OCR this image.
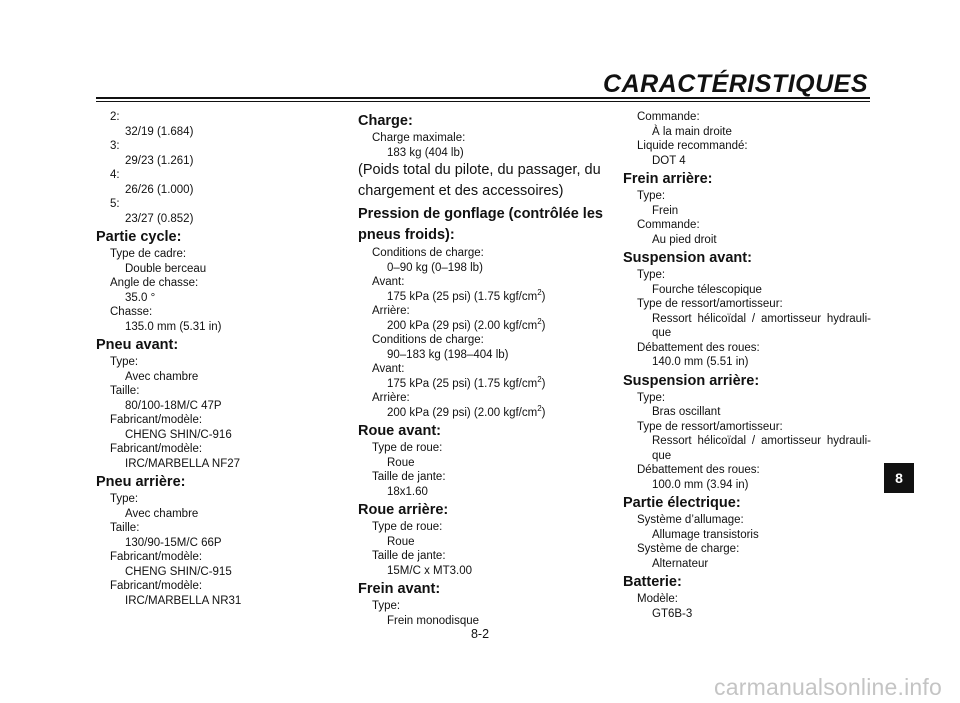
CARACTÉRISTIQUES
2:
32/19 (1.684)
3:
29/23 (1.261)
4:
26/26 (1.000)
5:
23/27 (0.852)
Partie cycle:
Type de cadre:
Double berceau
Angle de chasse:
35.0 °
Chasse:
135.0 mm (5.31 in)
Pneu avant:
Type:
Avec chambre
Taille:
80/100-18M/C 47P
Fabricant/modèle:
CHENG SHIN/C-916
Fabricant/modèle:
IRC/MARBELLA NF27
Pneu arrière:
Type:
Avec chambre
Taille:
130/90-15M/C 66P
Fabricant/modèle:
CHENG SHIN/C-915
Fabricant/modèle:
IRC/MARBELLA NR31
Charge:
Charge maximale:
183 kg (404 lb)
(Poids total du pilote, du passager, du chargement et des accessoires)
Pression de gonflage (contrôlée les pneus froids):
Conditions de charge:
0–90 kg (0–198 lb)
Avant:
175 kPa (25 psi) (1.75 kgf/$cm^2$)
Arrière:
200 kPa (29 psi) (2.00 kgf/$cm^2$)
Conditions de charge:
90–183 kg (198–404 lb)
Avant:
175 kPa (25 psi) (1.75 kgf/$cm^2$)
Arrière:
200 kPa (29 psi) (2.00 kgf/$cm^2$)
Roue avant:
Type de roue:
Roue
Taille de jante:
18x1.60
Roue arrière:
Type de roue:
Roue
Taille de jante:
15M/C x MT3.00
Frein avant:
Type:
Frein monodisque
Commande:
À la main droite
Liquide recommandé:
DOT 4
Frein arrière:
Type:
Frein
Commande:
Au pied droit
Suspension avant:
Type:
Fourche télescopique
Type de ressort/amortisseur:
Ressort hélicoïdal / amortisseur hydrauli-que
Débattement des roues:
140.0 mm (5.51 in)
Suspension arrière:
Type:
Bras oscillant
Type de ressort/amortisseur:
Ressort hélicoïdal / amortisseur hydrauli-que
Débattement des roues:
100.0 mm (3.94 in)
Partie électrique:
Système d’allumage:
Allumage transistoris
Système de charge:
Alternateur
Batterie:
Modèle:
GT6B-3
8
8-2
carmanualsonline.info
